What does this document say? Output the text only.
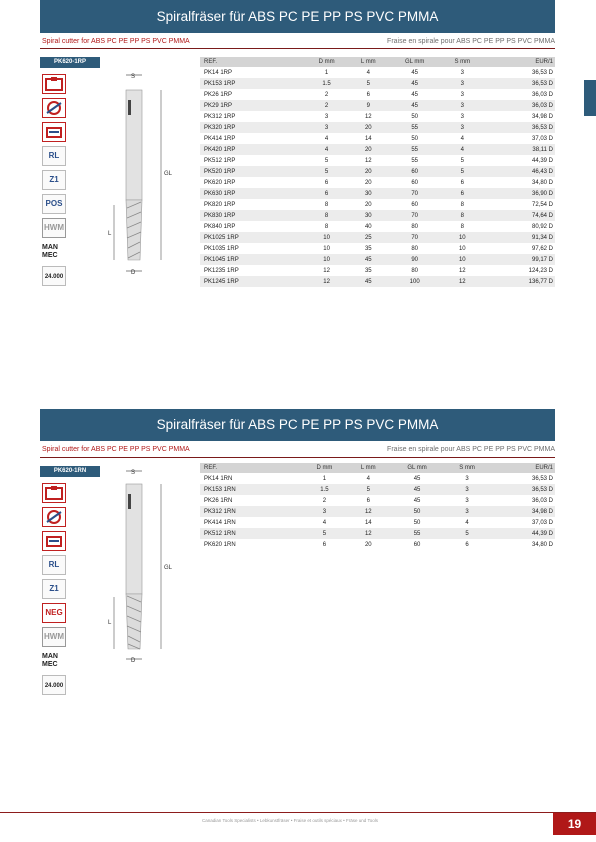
Spiralfräser für ABS PC PE PP PS PVC PMMA
Spiral cutter for ABS PC PE PP PS PVC PMMA	Fraise en spirale pour ABS PC PE PP PS PVC PMMA
PK620-1RP
RL
Z1
POS
HWM
MAN MEC
24.000
S
GL
L
D
REF.	D mm	L mm	GL mm	S mm	EUR/1
PK14 1RP	1	4	45	3	36,53 D
PK153 1RP	1.5	5	45	3	36,53 D
PK26 1RP	2	6	45	3	36,03 D
PK29 1RP	2	9	45	3	36,03 D
PK312 1RP	3	12	50	3	34,98 D
PK320 1RP	3	20	55	3	36,53 D
PK414 1RP	4	14	50	4	37,03 D
PK420 1RP	4	20	55	4	38,11 D
PK512 1RP	5	12	55	5	44,39 D
PK520 1RP	5	20	60	5	46,43 D
PK620 1RP	6	20	60	6	34,80 D
PK630 1RP	6	30	70	6	36,90 D
PK820 1RP	8	20	60	8	72,54 D
PK830 1RP	8	30	70	8	74,64 D
PK840 1RP	8	40	80	8	80,92 D
PK1025 1RP	10	25	70	10	91,34 D
PK1035 1RP	10	35	80	10	97,62 D
PK1045 1RP	10	45	90	10	99,17 D
PK1235 1RP	12	35	80	12	124,23 D
PK1245 1RP	12	45	100	12	136,77 D
Spiralfräser für ABS PC PE PP PS PVC PMMA
Spiral cutter for ABS PC PE PP PS PVC PMMA	Fraise en spirale pour ABS PC PE PP PS PVC PMMA
PK620-1RN
RL
Z1
NEG
HWM
MAN MEC
24.000
S
GL
L
D
REF.	D mm	L mm	GL mm	S mm	EUR/1
PK14 1RN	1	4	45	3	36,53 D
PK153 1RN	1.5	5	45	3	36,53 D
PK26 1RN	2	6	45	3	36,03 D
PK312 1RN	3	12	50	3	34,98 D
PK414 1RN	4	14	50	4	37,03 D
PK512 1RN	5	12	55	5	44,39 D
PK620 1RN	6	20	60	6	34,80 D
Canadian Tools Specialists • Lebkunstfräser • Fraise et outils spéciaux • Fräse und Tools	19
